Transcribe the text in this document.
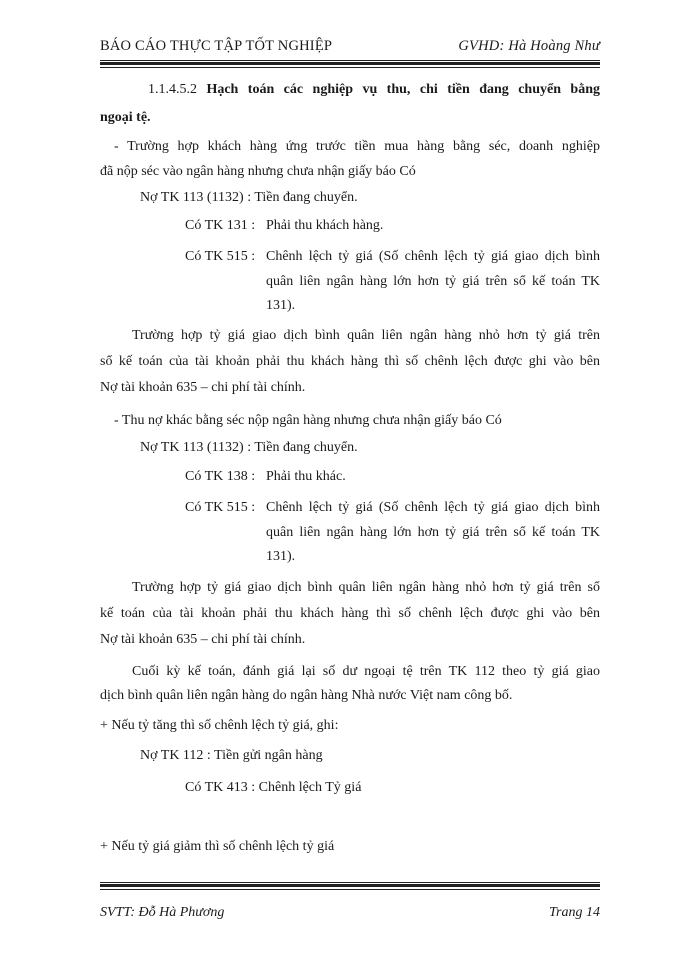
BÁO CÁO THỰC TẬP TỐT NGHIỆP	GVHD: Hà Hoàng Như
1.1.4.5.2 Hạch toán các nghiệp vụ thu, chi tiền đang chuyển bằng
ngoại tệ.
- Trường hợp khách hàng ứng trước tiền mua hàng bằng séc, doanh nghiệp
đã nộp séc vào ngân hàng nhưng chưa nhận giấy báo Có
Nợ TK 113 (1132) : Tiền đang chuyển.
Có TK 131 : Phải thu khách hàng.
Có TK 515 : Chênh lệch tỷ giá (Số chênh lệch tỷ giá giao dịch bình
quân liên ngân hàng lớn hơn tỷ giá trên sổ kế toán TK
131).
Trường hợp tỷ giá giao dịch bình quân liên ngân hàng nhỏ hơn tỷ giá trên
sổ kế toán của tài khoản phải thu khách hàng thì số chênh lệch được ghi vào bên
Nợ tài khoản 635 – chi phí tài chính.
- Thu nợ khác bằng séc nộp ngân hàng nhưng chưa nhận giấy báo Có
Nợ TK 113 (1132) : Tiền đang chuyển.
Có TK 138 : Phải thu khác.
Có TK 515 : Chênh lệch tỷ giá (Số chênh lệch tỷ giá giao dịch bình
quân liên ngân hàng lớn hơn tỷ giá trên sổ kế toán TK
131).
Trường hợp tỷ giá giao dịch bình quân liên ngân hàng nhỏ hơn tỷ giá trên sổ
kế toán của tài khoản phải thu khách hàng thì số chênh lệch được ghi vào bên
Nợ tài khoản 635 – chi phí tài chính.
Cuối kỳ kế toán, đánh giá lại số dư ngoại tệ trên TK 112 theo tỷ giá giao
dịch bình quân liên ngân hàng do ngân hàng Nhà nước Việt nam công bố.
+ Nếu tỷ tăng thì số chênh lệch tỷ giá, ghi:
Nợ TK 112 : Tiền gửi ngân hàng
Có TK 413 : Chênh lệch Tỷ giá
+ Nếu tỷ giá giảm thì số chênh lệch tỷ giá
SVTT: Đỗ Hà Phương	Trang 14
